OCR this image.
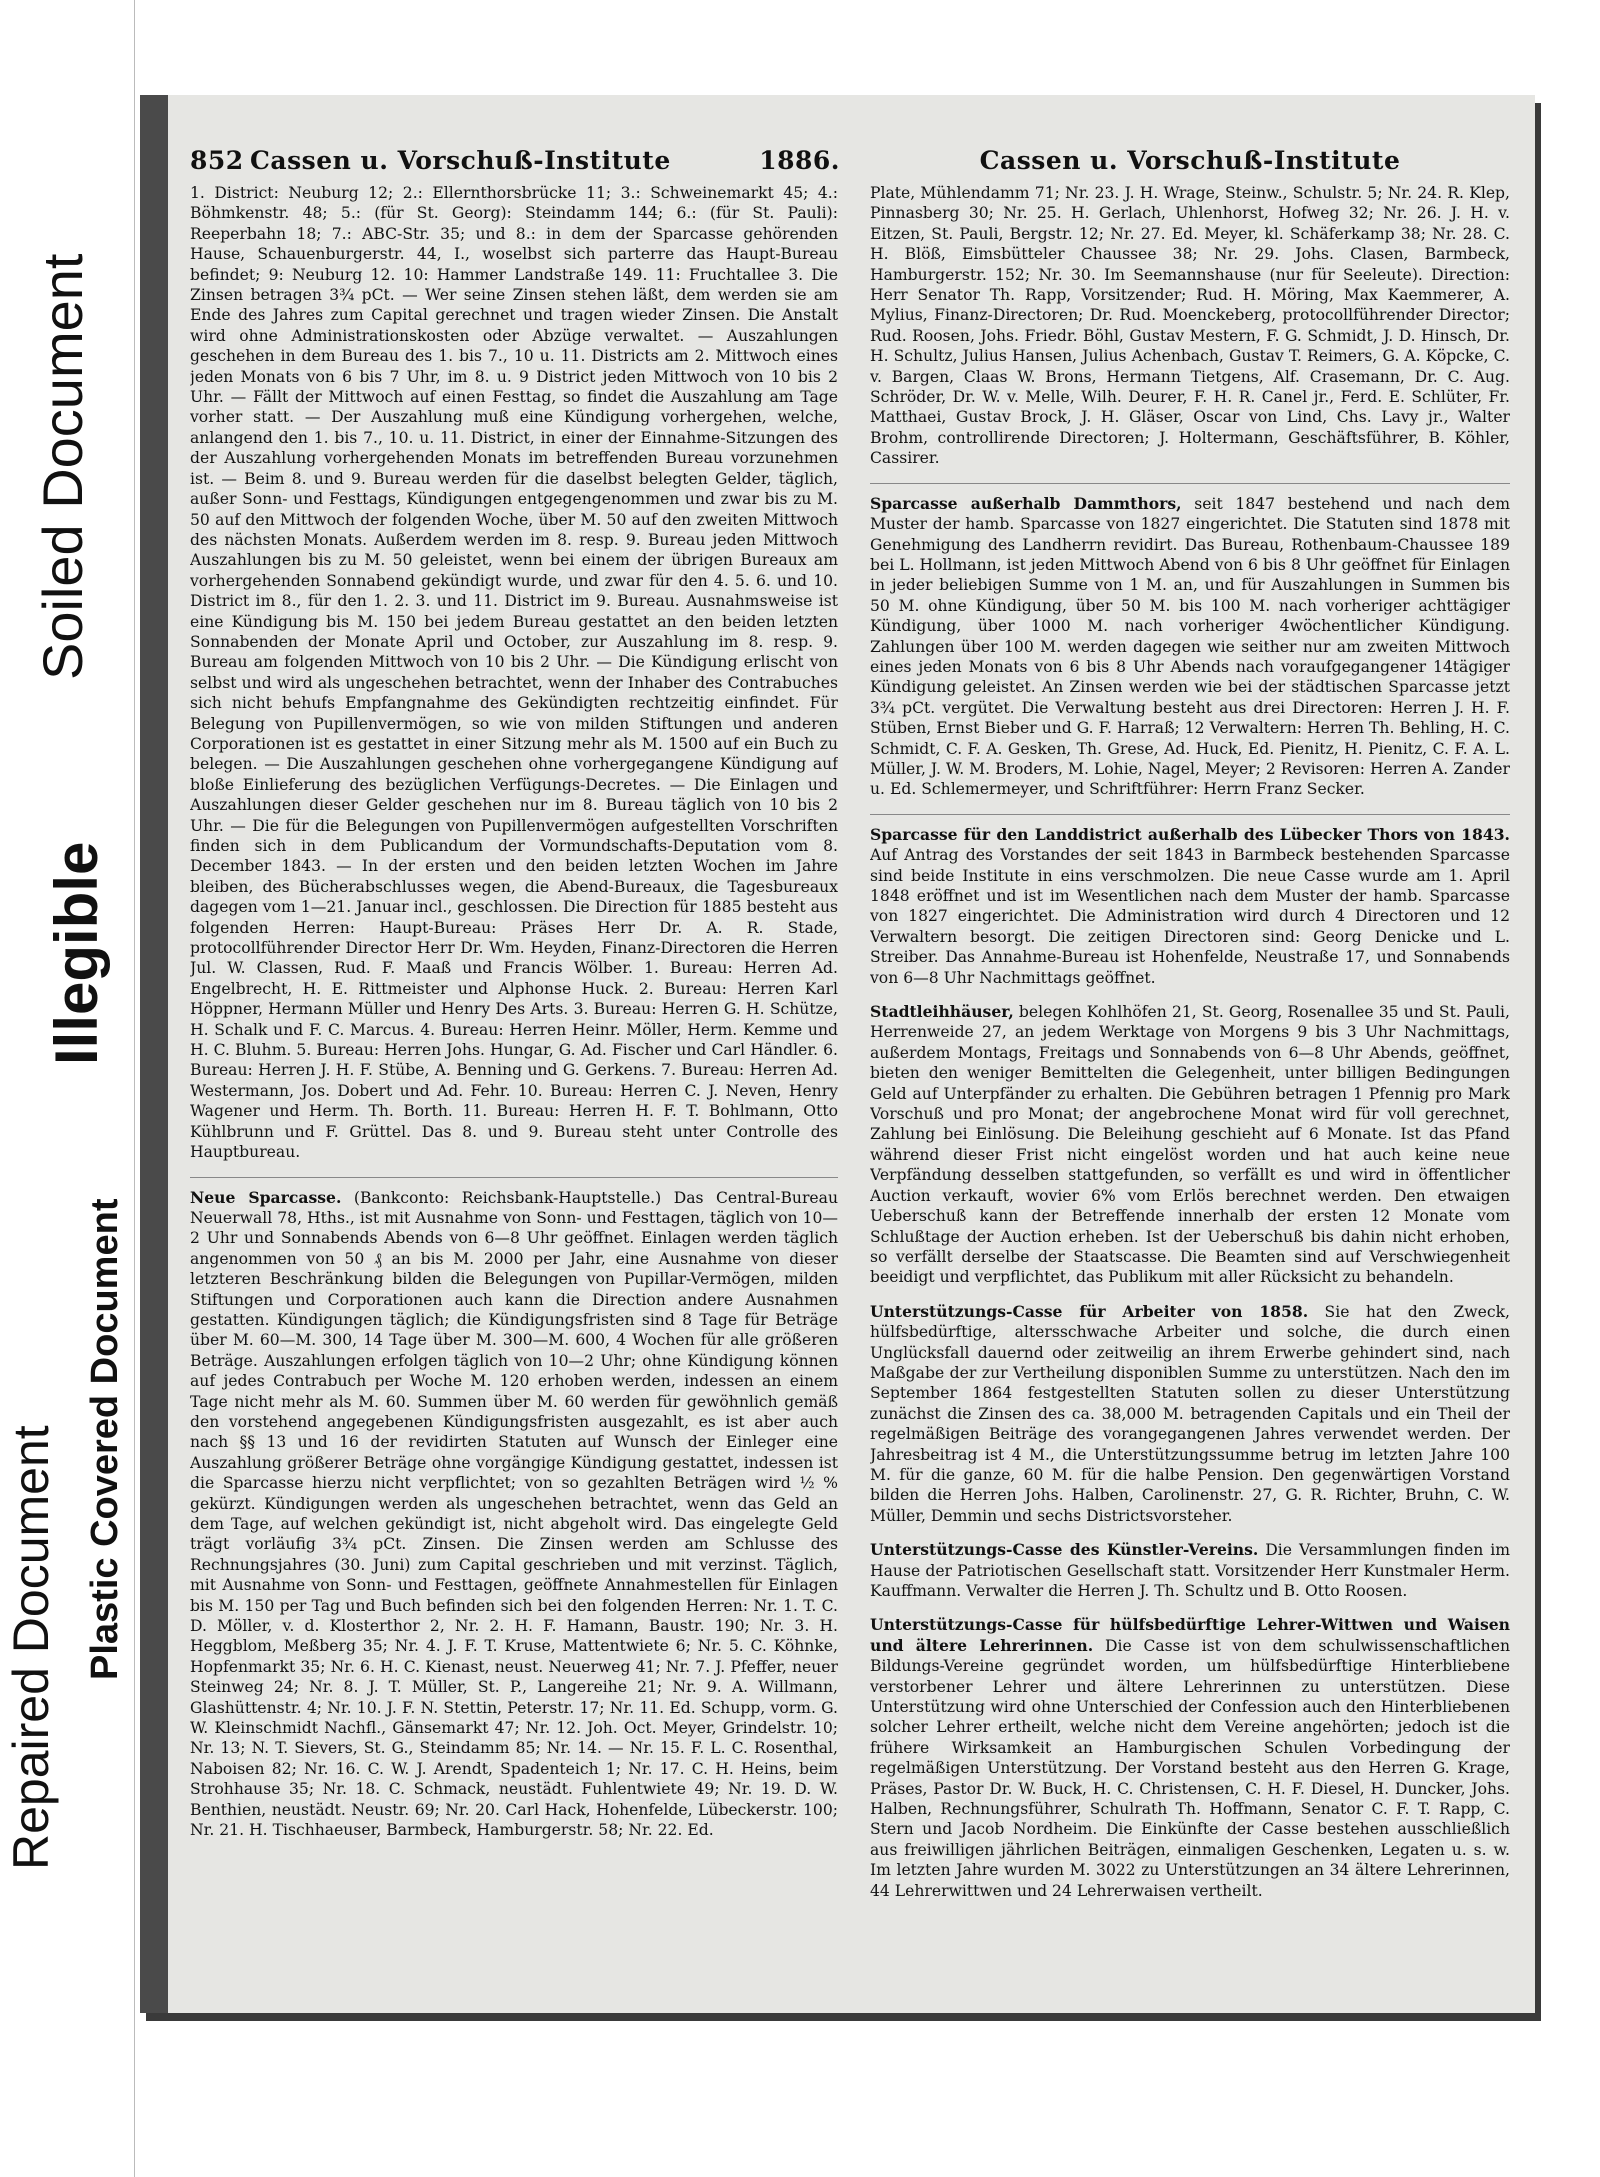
Soiled Document
Illegible
Plastic Covered Document
Repaired Document
852 Cassen u. Vorschuß-Institute	1886.	Cassen u. Vorschuß-Institute

1. District: Neuburg 12; 2.: Ellernthorsbrücke 11; 3.: Schweinemarkt 45; 4.: Böhmkenstr. 48; 5.: (für St. Georg): Steindamm 144; 6.: (für St. Pauli): Reeperbahn 18; 7.: ABC-Str. 35; und 8.: in dem der Sparcasse gehörenden Hause, Schauenburgerstr. 44, I., woselbst sich parterre das Haupt-Bureau befindet; 9: Neuburg 12. 10: Hammer Landstraße 149. 11: Fruchtallee 3. Die Zinsen betragen 3¾ pCt. — Wer seine Zinsen stehen läßt, dem werden sie am Ende des Jahres zum Capital gerechnet und tragen wieder Zinsen. Die Anstalt wird ohne Administrationskosten oder Abzüge verwaltet. — Auszahlungen geschehen in dem Bureau des 1. bis 7., 10 u. 11. Districts am 2. Mittwoch eines jeden Monats von 6 bis 7 Uhr, im 8. u. 9 District jeden Mittwoch von 10 bis 2 Uhr. — Fällt der Mittwoch auf einen Festtag, so findet die Auszahlung am Tage vorher statt. — Der Auszahlung muß eine Kündigung vorhergehen, welche, anlangend den 1. bis 7., 10. u. 11. District, in einer der Einnahme-Sitzungen des der Auszahlung vorhergehenden Monats im betreffenden Bureau vorzunehmen ist. — Beim 8. und 9. Bureau werden für die daselbst belegten Gelder, täglich, außer Sonn- und Festtags, Kündigungen entgegengenommen und zwar bis zu M. 50 auf den Mittwoch der folgenden Woche, über M. 50 auf den zweiten Mittwoch des nächsten Monats. Außerdem werden im 8. resp. 9. Bureau jeden Mittwoch Auszahlungen bis zu M. 50 geleistet, wenn bei einem der übrigen Bureaux am vorhergehenden Sonnabend gekündigt wurde, und zwar für den 4. 5. 6. und 10. District im 8., für den 1. 2. 3. und 11. District im 9. Bureau. Ausnahmsweise ist eine Kündigung bis M. 150 bei jedem Bureau gestattet an den beiden letzten Sonnabenden der Monate April und October, zur Auszahlung im 8. resp. 9. Bureau am folgenden Mittwoch von 10 bis 2 Uhr. — Die Kündigung erlischt von selbst und wird als ungeschehen betrachtet, wenn der Inhaber des Contrabuches sich nicht behufs Empfangnahme des Gekündigten rechtzeitig einfindet. Für Belegung von Pupillenvermögen, so wie von milden Stiftungen und anderen Corporationen ist es gestattet in einer Sitzung mehr als M. 1500 auf ein Buch zu belegen. — Die Auszahlungen geschehen ohne vorhergegangene Kündigung auf bloße Einlieferung des bezüglichen Verfügungs-Decretes. — Die Einlagen und Auszahlungen dieser Gelder geschehen nur im 8. Bureau täglich von 10 bis 2 Uhr. — Die für die Belegungen von Pupillenvermögen aufgestellten Vorschriften finden sich in dem Publicandum der Vormundschafts-Deputation vom 8. December 1843. — In der ersten und den beiden letzten Wochen im Jahre bleiben, des Bücherabschlusses wegen, die Abend-Bureaux, die Tagesbureaux dagegen vom 1—21. Januar incl., geschlossen. Die Direction für 1885 besteht aus folgenden Herren: Haupt-Bureau: Präses Herr Dr. A. R. Stade, protocollführender Director Herr Dr. Wm. Heyden, Finanz-Directoren die Herren Jul. W. Classen, Rud. F. Maaß und Francis Wölber. 1. Bureau: Herren Ad. Engelbrecht, H. E. Rittmeister und Alphonse Huck. 2. Bureau: Herren Karl Höppner, Hermann Müller und Henry Des Arts. 3. Bureau: Herren G. H. Schütze, H. Schalk und F. C. Marcus. 4. Bureau: Herren Heinr. Möller, Herm. Kemme und H. C. Bluhm. 5. Bureau: Herren Johs. Hungar, G. Ad. Fischer und Carl Händler. 6. Bureau: Herren J. H. F. Stübe, A. Benning und G. Gerkens. 7. Bureau: Herren Ad. Westermann, Jos. Dobert und Ad. Fehr. 10. Bureau: Herren C. J. Neven, Henry Wagener und Herm. Th. Borth. 11. Bureau: Herren H. F. T. Bohlmann, Otto Kühlbrunn und F. Grüttel. Das 8. und 9. Bureau steht unter Controlle des Hauptbureau.

Neue Sparcasse. (Bankconto: Reichsbank-Hauptstelle.) Das Central-Bureau Neuerwall 78, Hths., ist mit Ausnahme von Sonn- und Festtagen, täglich von 10—2 Uhr und Sonnabends Abends von 6—8 Uhr geöffnet. Einlagen werden täglich angenommen von 50 ₰ an bis M. 2000 per Jahr, eine Ausnahme von dieser letzteren Beschränkung bilden die Belegungen von Pupillar-Vermögen, milden Stiftungen und Corporationen auch kann die Direction andere Ausnahmen gestatten. Kündigungen täglich; die Kündigungsfristen sind 8 Tage für Beträge über M. 60—M. 300, 14 Tage über M. 300—M. 600, 4 Wochen für alle größeren Beträge. Auszahlungen erfolgen täglich von 10—2 Uhr; ohne Kündigung können auf jedes Contrabuch per Woche M. 120 erhoben werden, indessen an einem Tage nicht mehr als M. 60. Summen über M. 60 werden für gewöhnlich gemäß den vorstehend angegebenen Kündigungsfristen ausgezahlt, es ist aber auch nach §§ 13 und 16 der revidirten Statuten auf Wunsch der Einleger eine Auszahlung größerer Beträge ohne vorgängige Kündigung gestattet, indessen ist die Sparcasse hierzu nicht verpflichtet; von so gezahlten Beträgen wird ½ % gekürzt. Kündigungen werden als ungeschehen betrachtet, wenn das Geld an dem Tage, auf welchen gekündigt ist, nicht abgeholt wird. Das eingelegte Geld trägt vorläufig 3¾ pCt. Zinsen. Die Zinsen werden am Schlusse des Rechnungsjahres (30. Juni) zum Capital geschrieben und mit verzinst. Täglich, mit Ausnahme von Sonn- und Festtagen, geöffnete Annahmestellen für Einlagen bis M. 150 per Tag und Buch befinden sich bei den folgenden Herren: Nr. 1. T. C. D. Möller, v. d. Klosterthor 2, Nr. 2. H. F. Hamann, Baustr. 190; Nr. 3. H. Heggblom, Meßberg 35; Nr. 4. J. F. T. Kruse, Mattentwiete 6; Nr. 5. C. Köhnke, Hopfenmarkt 35; Nr. 6. H. C. Kienast, neust. Neuerweg 41; Nr. 7. J. Pfeffer, neuer Steinweg 24; Nr. 8. J. T. Müller, St. P., Langereihe 21; Nr. 9. A. Willmann, Glashüttenstr. 4; Nr. 10. J. F. N. Stettin, Peterstr. 17; Nr. 11. Ed. Schupp, vorm. G. W. Kleinschmidt Nachfl., Gänsemarkt 47; Nr. 12. Joh. Oct. Meyer, Grindelstr. 10; Nr. 13; N. T. Sievers, St. G., Steindamm 85; Nr. 14. — Nr. 15. F. L. C. Rosenthal, Naboisen 82; Nr. 16. C. W. J. Arendt, Spadenteich 1; Nr. 17. C. H. Heins, beim Strohhause 35; Nr. 18. C. Schmack, neustädt. Fuhlentwiete 49; Nr. 19. D. W. Benthien, neustädt. Neustr. 69; Nr. 20. Carl Hack, Hohenfelde, Lübeckerstr. 100; Nr. 21. H. Tischhaeuser, Barmbeck, Hamburgerstr. 58; Nr. 22. Ed.

Plate, Mühlendamm 71; Nr. 23. J. H. Wrage, Steinw., Schulstr. 5; Nr. 24. R. Klep, Pinnasberg 30; Nr. 25. H. Gerlach, Uhlenhorst, Hofweg 32; Nr. 26. J. H. v. Eitzen, St. Pauli, Bergstr. 12; Nr. 27. Ed. Meyer, kl. Schäferkamp 38; Nr. 28. C. H. Blöß, Eimsbütteler Chaussee 38; Nr. 29. Johs. Clasen, Barmbeck, Hamburgerstr. 152; Nr. 30. Im Seemannshause (nur für Seeleute). Direction: Herr Senator Th. Rapp, Vorsitzender; Rud. H. Möring, Max Kaemmerer, A. Mylius, Finanz-Directoren; Dr. Rud. Moenckeberg, protocollführender Director; Rud. Roosen, Johs. Friedr. Böhl, Gustav Mestern, F. G. Schmidt, J. D. Hinsch, Dr. H. Schultz, Julius Hansen, Julius Achenbach, Gustav T. Reimers, G. A. Köpcke, C. v. Bargen, Claas W. Brons, Hermann Tietgens, Alf. Crasemann, Dr. C. Aug. Schröder, Dr. W. v. Melle, Wilh. Deurer, F. H. R. Canel jr., Ferd. E. Schlüter, Fr. Matthaei, Gustav Brock, J. H. Gläser, Oscar von Lind, Chs. Lavy jr., Walter Brohm, controllirende Directoren; J. Holtermann, Geschäftsführer, B. Köhler, Cassirer.

Sparcasse außerhalb Dammthors, seit 1847 bestehend und nach dem Muster der hamb. Sparcasse von 1827 eingerichtet. Die Statuten sind 1878 mit Genehmigung des Landherrn revidirt. Das Bureau, Rothenbaum-Chaussee 189 bei L. Hollmann, ist jeden Mittwoch Abend von 6 bis 8 Uhr geöffnet für Einlagen in jeder beliebigen Summe von 1 M. an, und für Auszahlungen in Summen bis 50 M. ohne Kündigung, über 50 M. bis 100 M. nach vorheriger achttägiger Kündigung, über 1000 M. nach vorheriger 4wöchentlicher Kündigung. Zahlungen über 100 M. werden dagegen wie seither nur am zweiten Mittwoch eines jeden Monats von 6 bis 8 Uhr Abends nach voraufgegangener 14tägiger Kündigung geleistet. An Zinsen werden wie bei der städtischen Sparcasse jetzt 3¾ pCt. vergütet. Die Verwaltung besteht aus drei Directoren: Herren J. H. F. Stüben, Ernst Bieber und G. F. Harraß; 12 Verwaltern: Herren Th. Behling, H. C. Schmidt, C. F. A. Gesken, Th. Grese, Ad. Huck, Ed. Pienitz, H. Pienitz, C. F. A. L. Müller, J. W. M. Broders, M. Lohie, Nagel, Meyer; 2 Revisoren: Herren A. Zander u. Ed. Schlemermeyer, und Schriftführer: Herrn Franz Secker.

Sparcasse für den Landdistrict außerhalb des Lübecker Thors von 1843. Auf Antrag des Vorstandes der seit 1843 in Barmbeck bestehenden Sparcasse sind beide Institute in eins verschmolzen. Die neue Casse wurde am 1. April 1848 eröffnet und ist im Wesentlichen nach dem Muster der hamb. Sparcasse von 1827 eingerichtet. Die Administration wird durch 4 Directoren und 12 Verwaltern besorgt. Die zeitigen Directoren sind: Georg Denicke und L. Streiber. Das Annahme-Bureau ist Hohenfelde, Neustraße 17, und Sonnabends von 6—8 Uhr Nachmittags geöffnet.

Stadtleihhäuser, belegen Kohlhöfen 21, St. Georg, Rosenallee 35 und St. Pauli, Herrenweide 27, an jedem Werktage von Morgens 9 bis 3 Uhr Nachmittags, außerdem Montags, Freitags und Sonnabends von 6—8 Uhr Abends, geöffnet, bieten den weniger Bemittelten die Gelegenheit, unter billigen Bedingungen Geld auf Unterpfänder zu erhalten. Die Gebühren betragen 1 Pfennig pro Mark Vorschuß und pro Monat; der angebrochene Monat wird für voll gerechnet, Zahlung bei Einlösung. Die Beleihung geschieht auf 6 Monate. Ist das Pfand während dieser Frist nicht eingelöst worden und hat auch keine neue Verpfändung desselben stattgefunden, so verfällt es und wird in öffentlicher Auction verkauft, wovier 6% vom Erlös berechnet werden. Den etwaigen Ueberschuß kann der Betreffende innerhalb der ersten 12 Monate vom Schlußtage der Auction erheben. Ist der Ueberschuß bis dahin nicht erhoben, so verfällt derselbe der Staatscasse. Die Beamten sind auf Verschwiegenheit beeidigt und verpflichtet, das Publikum mit aller Rücksicht zu behandeln.

Unterstützungs-Casse für Arbeiter von 1858. Sie hat den Zweck, hülfsbedürftige, altersschwache Arbeiter und solche, die durch einen Unglücksfall dauernd oder zeitweilig an ihrem Erwerbe gehindert sind, nach Maßgabe der zur Vertheilung disponiblen Summe zu unterstützen. Nach den im September 1864 festgestellten Statuten sollen zu dieser Unterstützung zunächst die Zinsen des ca. 38,000 M. betragenden Capitals und ein Theil der regelmäßigen Beiträge des vorangegangenen Jahres verwendet werden. Der Jahresbeitrag ist 4 M., die Unterstützungssumme betrug im letzten Jahre 100 M. für die ganze, 60 M. für die halbe Pension. Den gegenwärtigen Vorstand bilden die Herren Johs. Halben, Carolinenstr. 27, G. R. Richter, Bruhn, C. W. Müller, Demmin und sechs Districtsvorsteher.

Unterstützungs-Casse des Künstler-Vereins. Die Versammlungen finden im Hause der Patriotischen Gesellschaft statt. Vorsitzender Herr Kunstmaler Herm. Kauffmann. Verwalter die Herren J. Th. Schultz und B. Otto Roosen.

Unterstützungs-Casse für hülfsbedürftige Lehrer-Wittwen und Waisen und ältere Lehrerinnen. Die Casse ist von dem schulwissenschaftlichen Bildungs-Vereine gegründet worden, um hülfsbedürftige Hinterbliebene verstorbener Lehrer und ältere Lehrerinnen zu unterstützen. Diese Unterstützung wird ohne Unterschied der Confession auch den Hinterbliebenen solcher Lehrer ertheilt, welche nicht dem Vereine angehörten; jedoch ist die frühere Wirksamkeit an Hamburgischen Schulen Vorbedingung der regelmäßigen Unterstützung. Der Vorstand besteht aus den Herren G. Krage, Präses, Pastor Dr. W. Buck, H. C. Christensen, C. H. F. Diesel, H. Duncker, Johs. Halben, Rechnungsführer, Schulrath Th. Hoffmann, Senator C. F. T. Rapp, C. Stern und Jacob Nordheim. Die Einkünfte der Casse bestehen ausschließlich aus freiwilligen jährlichen Beiträgen, einmaligen Geschenken, Legaten u. s. w. Im letzten Jahre wurden M. 3022 zu Unterstützungen an 34 ältere Lehrerinnen, 44 Lehrerwittwen und 24 Lehrerwaisen vertheilt.
